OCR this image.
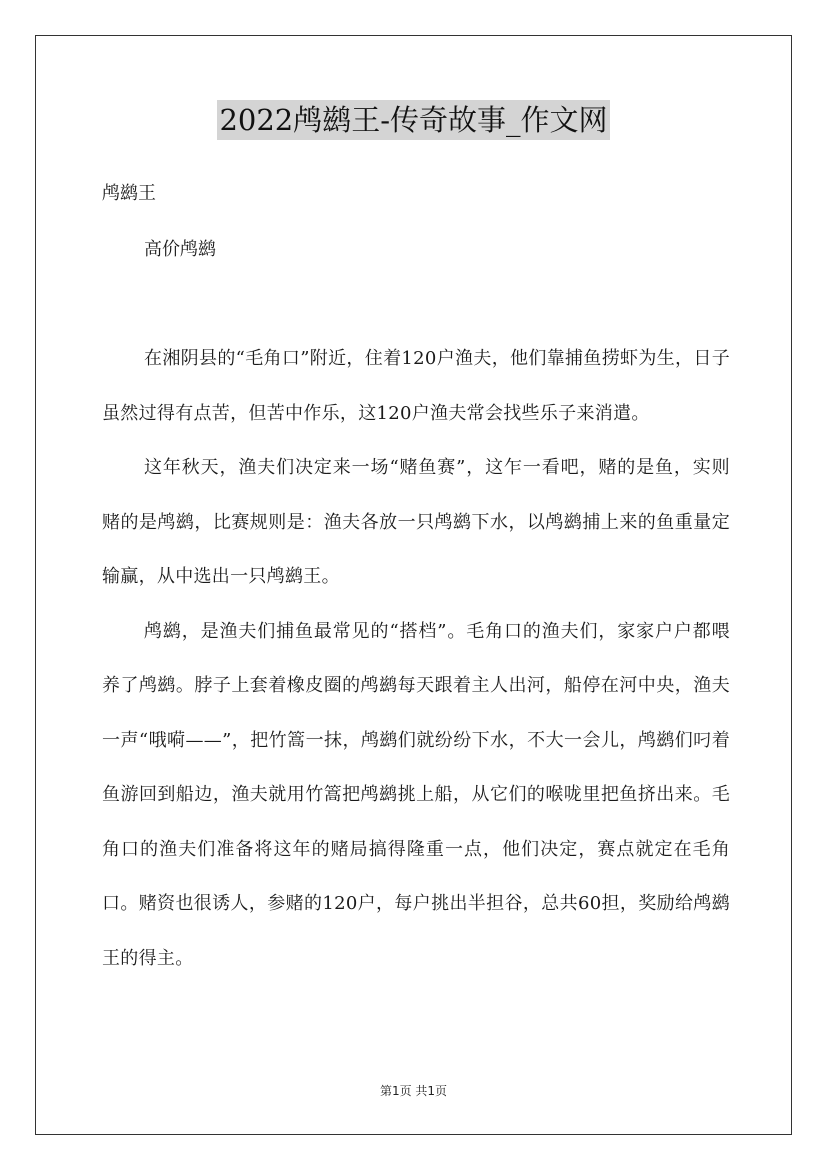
2022鸬鹚王-传奇故事_作文网

鸬鹚王

高价鸬鹚

在湘阴县的“毛角口”附近，住着120户渔夫，他们靠捕鱼捞虾为生，日子虽然过得有点苦，但苦中作乐，这120户渔夫常会找些乐子来消遣。

这年秋天，渔夫们决定来一场“赌鱼赛”，这乍一看吧，赌的是鱼，实则赌的是鸬鹚，比赛规则是：渔夫各放一只鸬鹚下水，以鸬鹚捕上来的鱼重量定输赢，从中选出一只鸬鹚王。

鸬鹚，是渔夫们捕鱼最常见的“搭档”。毛角口的渔夫们，家家户户都喂养了鸬鹚。脖子上套着橡皮圈的鸬鹚每天跟着主人出河，船停在河中央，渔夫一声“哦嗬——”，把竹篙一抹，鸬鹚们就纷纷下水，不大一会儿，鸬鹚们叼着鱼游回到船边，渔夫就用竹篙把鸬鹚挑上船，从它们的喉咙里把鱼挤出来。毛角口的渔夫们准备将这年的赌局搞得隆重一点，他们决定，赛点就定在毛角口。赌资也很诱人，参赌的120户，每户挑出半担谷，总共60担，奖励给鸬鹚王的得主。

第1页 共1页
